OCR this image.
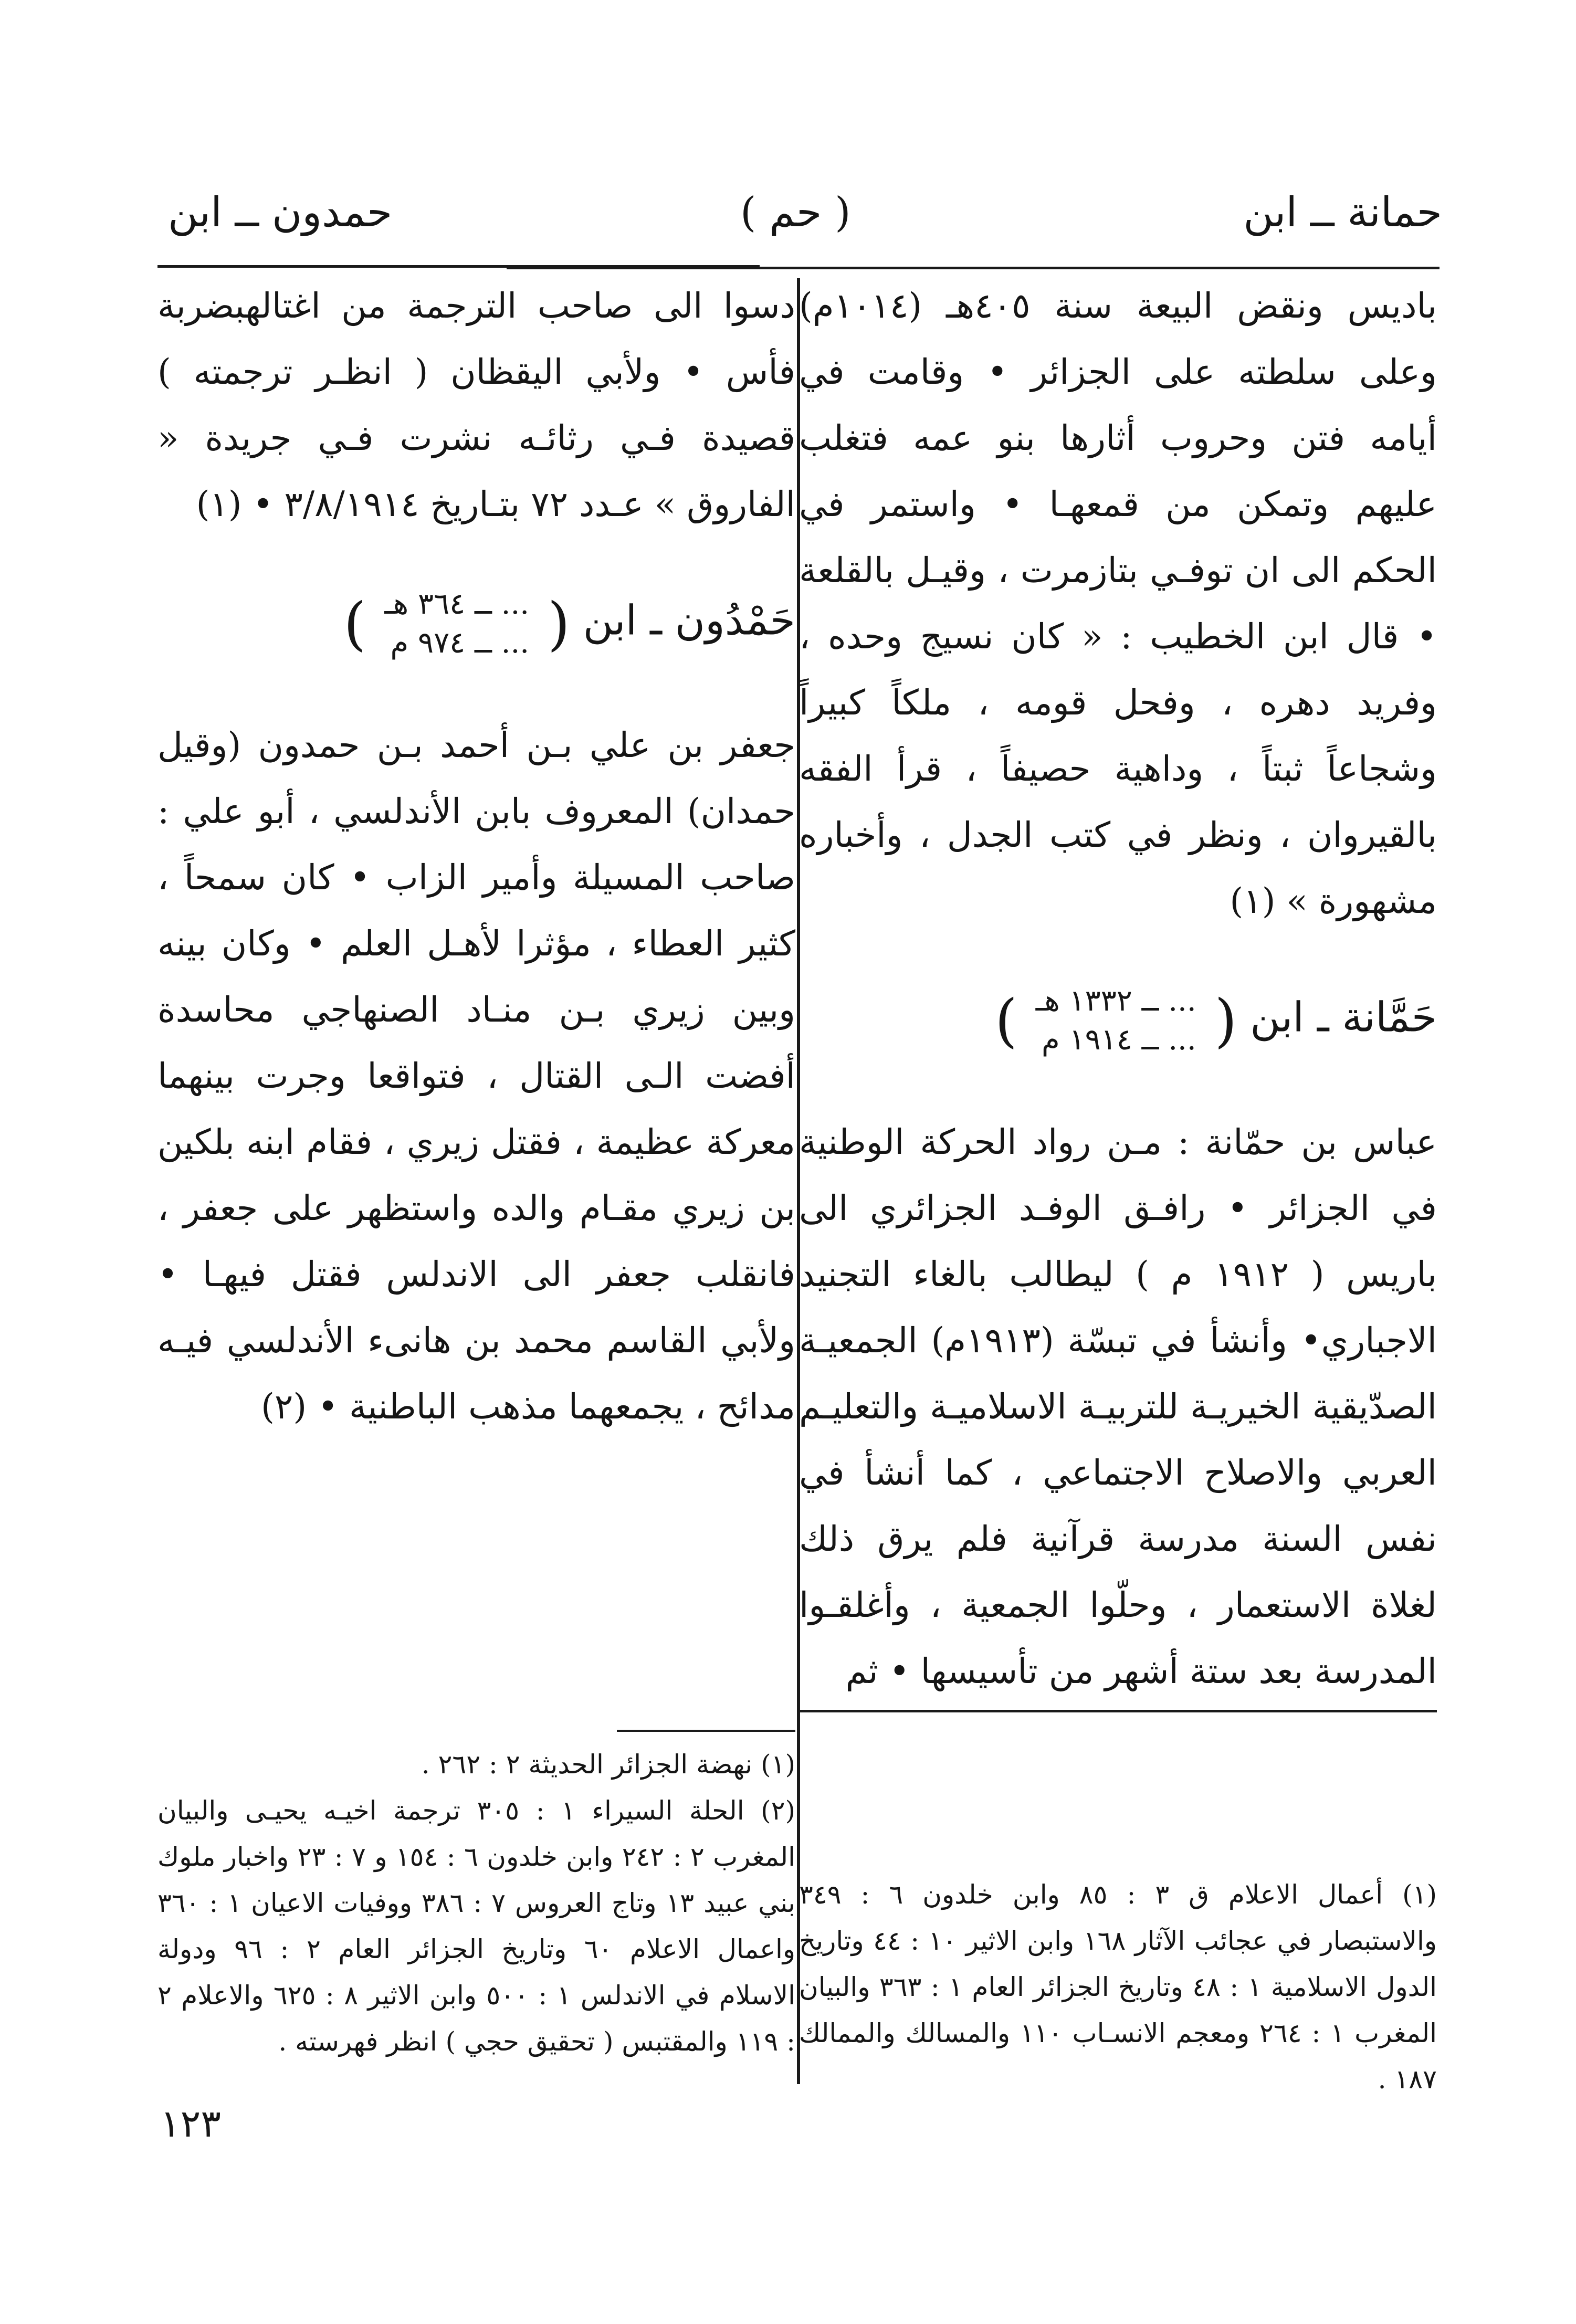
حمانة ــ ابن
( حم )
حمدون ــ ابن

باديس ونقض البيعة سنة ٤٠٥هـ (١٠١٤م) وعلى سلطته على الجزائر • وقامت في أيامه فتن وحروب أثارها بنو عمه فتغلب عليهم وتمكن من قمعهـا • واستمر في الحكم الى ان توفـي بتازمرت ، وقيـل بالقلعة • قال ابن الخطيب : « كان نسيج وحده ، وفريد دهره ، وفحل قومه ، ملكاً كبيراً وشجاعاً ثبتاً ، وداهية حصيفاً ، قرأ الفقه بالقيروان ، ونظر في كتب الجدل ، وأخباره مشهورة » (١)

حَمَّانة ـ ابن (
... ــ ١٣٣٢ هـ
... ــ ١٩١٤ م
)

عباس بن حمّانة : مـن رواد الحركة الوطنية في الجزائر • رافـق الوفـد الجزائري الى باريس ( ١٩١٢ م ) ليطالب بالغاء التجنيد الاجباري• وأنشأ في تبسّة (١٩١٣م) الجمعيـة الصدّيقية الخيريـة للتربيـة الاسلاميـة والتعليـم العربي والاصلاح الاجتماعي ، كما أنشأ في نفس السنة مدرسة قرآنية فلم يرق ذلك لغلاة الاستعمار ، وحلّوا الجمعية ، وأغلقـوا المدرسة بعد ستة أشهر من تأسيسها • ثم

دسوا الى صاحب الترجمة من اغتالهبضربة فأس • ولأبي اليقظان ( انظـر ترجمته ) قصيدة فـي رثائـه نشرت فـي جريدة « الفاروق » عـدد ٧٢ بتـاريخ ٣/٨/١٩١٤ • (١)

حَمْدُون ـ ابن (
... ــ ٣٦٤ هـ
... ــ ٩٧٤ م
)

جعفر بن علي بـن أحمد بـن حمدون (وقيل حمدان) المعروف بابن الأندلسي ، أبو علي : صاحب المسيلة وأمير الزاب • كان سمحاً ، كثير العطاء ، مؤثرا لأهـل العلم • وكان بينه وبين زيري بـن منـاد الصنهاجي محاسدة أفضت الـى القتال ، فتواقعا وجرت بينهما معركة عظيمة ، فقتل زيري ، فقام ابنه بلكين بن زيري مقـام والده واستظهر على جعفر ، فانقلب جعفر الى الاندلس فقتل فيهـا • ولأبي القاسم محمد بن هانىء الأندلسي فيـه مدائح ، يجمعهما مذهب الباطنية • (٢)

(١) نهضة الجزائر الحديثة ٢ : ٢٦٢ .

(٢) الحلة السيراء ١ : ٣٠٥ ترجمة اخيـه يحيـى والبيان المغرب ٢ : ٢٤٢ وابن خلدون ٦ : ١٥٤ و ٧ : ٢٣ واخبار ملوك بني عبيد ١٣ وتاج العروس ٧ : ٣٨٦ ووفيات الاعيان ١ : ٣٦٠ واعمال الاعلام ٦٠ وتاريخ الجزائر العام ٢ : ٩٦ ودولة الاسلام في الاندلس ١ : ٥٠٠ وابن الاثير ٨ : ٦٢٥ والاعلام ٢ : ١١٩ والمقتبس ( تحقيق حجي ) انظر فهرسته .

(١) أعمال الاعلام ق ٣ : ٨٥ وابن خلدون ٦ : ٣٤٩ والاستبصار في عجائب الآثار ١٦٨ وابن الاثير ١٠ : ٤٤ وتاريخ الدول الاسلامية ١ : ٤٨ وتاريخ الجزائر العام ١ : ٣٦٣ والبيان المغرب ١ : ٢٦٤ ومعجم الانسـاب ١١٠ والمسالك والممالك ١٨٧ .

١٢٣
